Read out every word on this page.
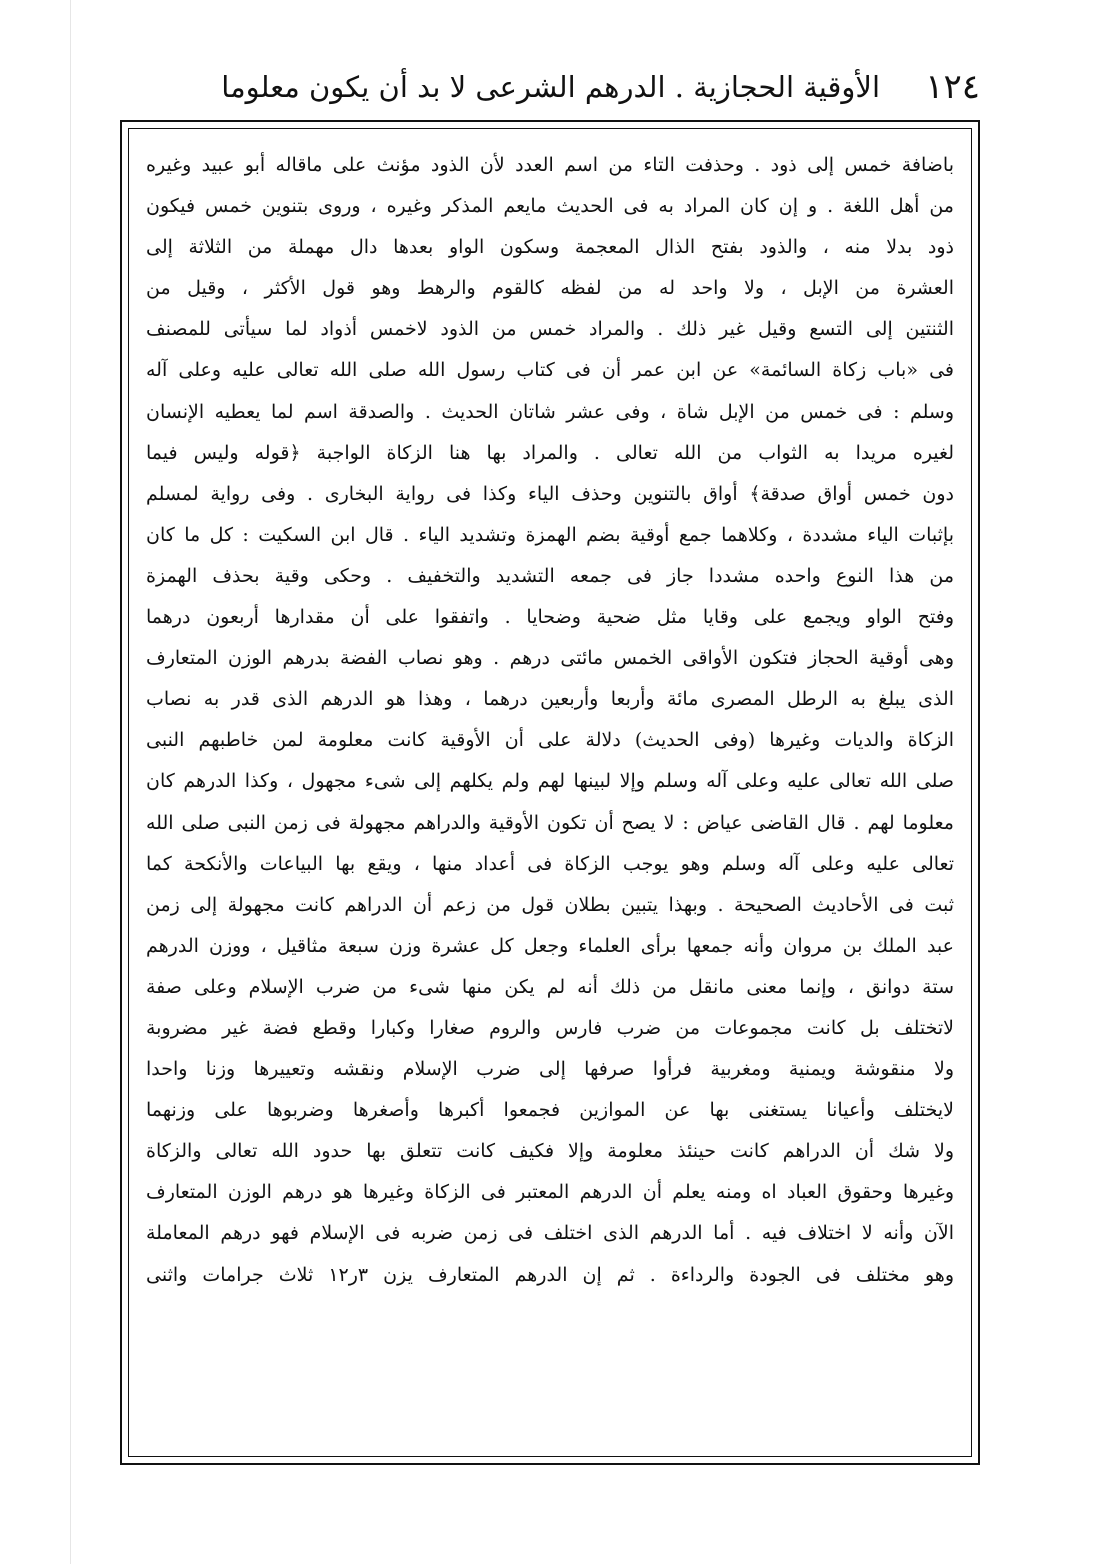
١٢٤
الأوقية الحجازية . الدرهم الشرعى لا بد أن يكون معلوما
باضافة خمس إلى ذود . وحذفت التاء من اسم العدد لأن الذود مؤنث على ماقاله أبو عبيد وغيره
من أهل اللغة . و إن كان المراد به فى الحديث مايعم المذكر وغيره ، وروى بتنوين خمس فيكون
ذود بدلا منه ، والذود بفتح الذال المعجمة وسكون الواو بعدها دال مهملة من الثلاثة إلى
العشرة من الإبل ، ولا واحد له من لفظه كالقوم والرهط وهو قول الأكثر ، وقيل من
الثنتين إلى التسع وقيل غير ذلك . والمراد خمس من الذود لاخمس أذواد لما سيأتى للمصنف
فى «باب زكاة السائمة» عن ابن عمر أن فى كتاب رسول الله صلى الله تعالى عليه وعلى آله
وسلم : فى خمس من الإبل شاة ، وفى عشر شاتان الحديث . والصدقة اسم لما يعطيه الإنسان
لغيره مريدا به الثواب من الله تعالى . والمراد بها هنا الزكاة الواجبة ﴿قوله وليس فيما
دون خمس أواق صدقة﴾ أواق بالتنوين وحذف الياء وكذا فى رواية البخارى . وفى رواية لمسلم
بإثبات الياء مشددة ، وكلاهما جمع أوقية بضم الهمزة وتشديد الياء . قال ابن السكيت : كل ما كان
من هذا النوع واحده مشددا جاز فى جمعه التشديد والتخفيف . وحكى وقية بحذف الهمزة
وفتح الواو ويجمع على وقايا مثل ضحية وضحايا . واتفقوا على أن مقدارها أربعون درهما
وهى أوقية الحجاز فتكون الأواقى الخمس مائتى درهم . وهو نصاب الفضة بدرهم الوزن المتعارف
الذى يبلغ به الرطل المصرى مائة وأربعا وأربعين درهما ، وهذا هو الدرهم الذى قدر به نصاب
الزكاة والديات وغيرها (وفى الحديث) دلالة على أن الأوقية كانت معلومة لمن خاطبهم النبى
صلى الله تعالى عليه وعلى آله وسلم وإلا لبينها لهم ولم يكلهم إلى شىء مجهول ، وكذا الدرهم كان
معلوما لهم . قال القاضى عياض : لا يصح أن تكون الأوقية والدراهم مجهولة فى زمن النبى صلى الله
تعالى عليه وعلى آله وسلم وهو يوجب الزكاة فى أعداد منها ، ويقع بها البياعات والأنكحة كما
ثبت فى الأحاديث الصحيحة . وبهذا يتبين بطلان قول من زعم أن الدراهم كانت مجهولة إلى زمن
عبد الملك بن مروان وأنه جمعها برأى العلماء وجعل كل عشرة وزن سبعة مثاقيل ، ووزن الدرهم
ستة دوانق ، وإنما معنى مانقل من ذلك أنه لم يكن منها شىء من ضرب الإسلام وعلى صفة
لاتختلف بل كانت مجموعات من ضرب فارس والروم صغارا وكبارا وقطع فضة غير مضروبة
ولا منقوشة ويمنية ومغربية فرأوا صرفها إلى ضرب الإسلام ونقشه وتعييرها وزنا واحدا
لايختلف وأعيانا يستغنى بها عن الموازين فجمعوا أكبرها وأصغرها وضربوها على وزنهما
ولا شك أن الدراهم كانت حينئذ معلومة وإلا فكيف كانت تتعلق بها حدود الله تعالى والزكاة
وغيرها وحقوق العباد اه ومنه يعلم أن الدرهم المعتبر فى الزكاة وغيرها هو درهم الوزن المتعارف
الآن وأنه لا اختلاف فيه . أما الدرهم الذى اختلف فى زمن ضربه فى الإسلام فهو درهم المعاملة
وهو مختلف فى الجودة والرداءة . ثم إن الدرهم المتعارف يزن ٣ر١٢ ثلاث جرامات واثنى
